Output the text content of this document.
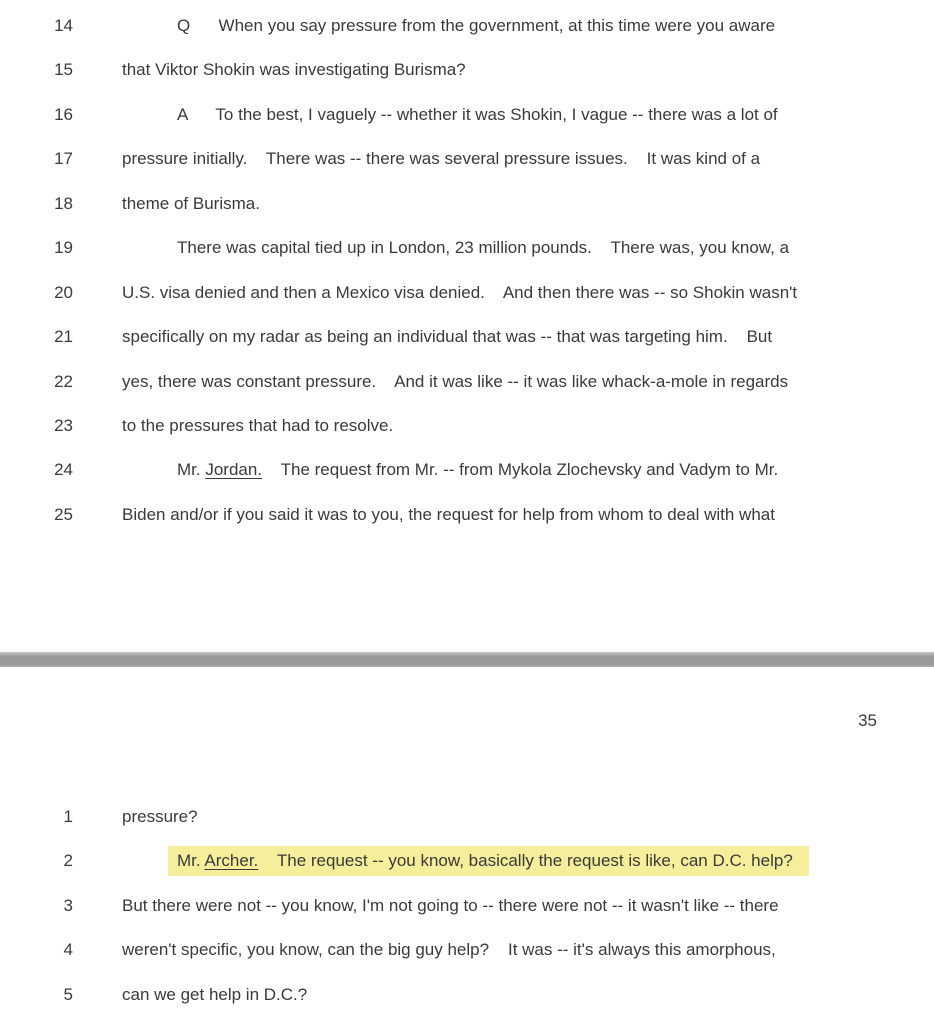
14	Q      When you say pressure from the government, at this time were you aware
15	that Viktor Shokin was investigating Burisma?
16	A      To the best, I vaguely -- whether it was Shokin, I vague -- there was a lot of
17	pressure initially.    There was -- there was several pressure issues.    It was kind of a
18	theme of Burisma.
19	There was capital tied up in London, 23 million pounds.    There was, you know, a
20	U.S. visa denied and then a Mexico visa denied.    And then there was -- so Shokin wasn't
21	specifically on my radar as being an individual that was -- that was targeting him.    But
22	yes, there was constant pressure.    And it was like -- it was like whack-a-mole in regards
23	to the pressures that had to resolve.
24	Mr. Jordan.    The request from Mr. -- from Mykola Zlochevsky and Vadym to Mr.
25	Biden and/or if you said it was to you, the request for help from whom to deal with what
35
1	pressure?
2	Mr. Archer.    The request -- you know, basically the request is like, can D.C. help?
3	But there were not -- you know, I'm not going to -- there were not -- it wasn't like -- there
4	weren't specific, you know, can the big guy help?    It was -- it's always this amorphous,
5	can we get help in D.C.?
